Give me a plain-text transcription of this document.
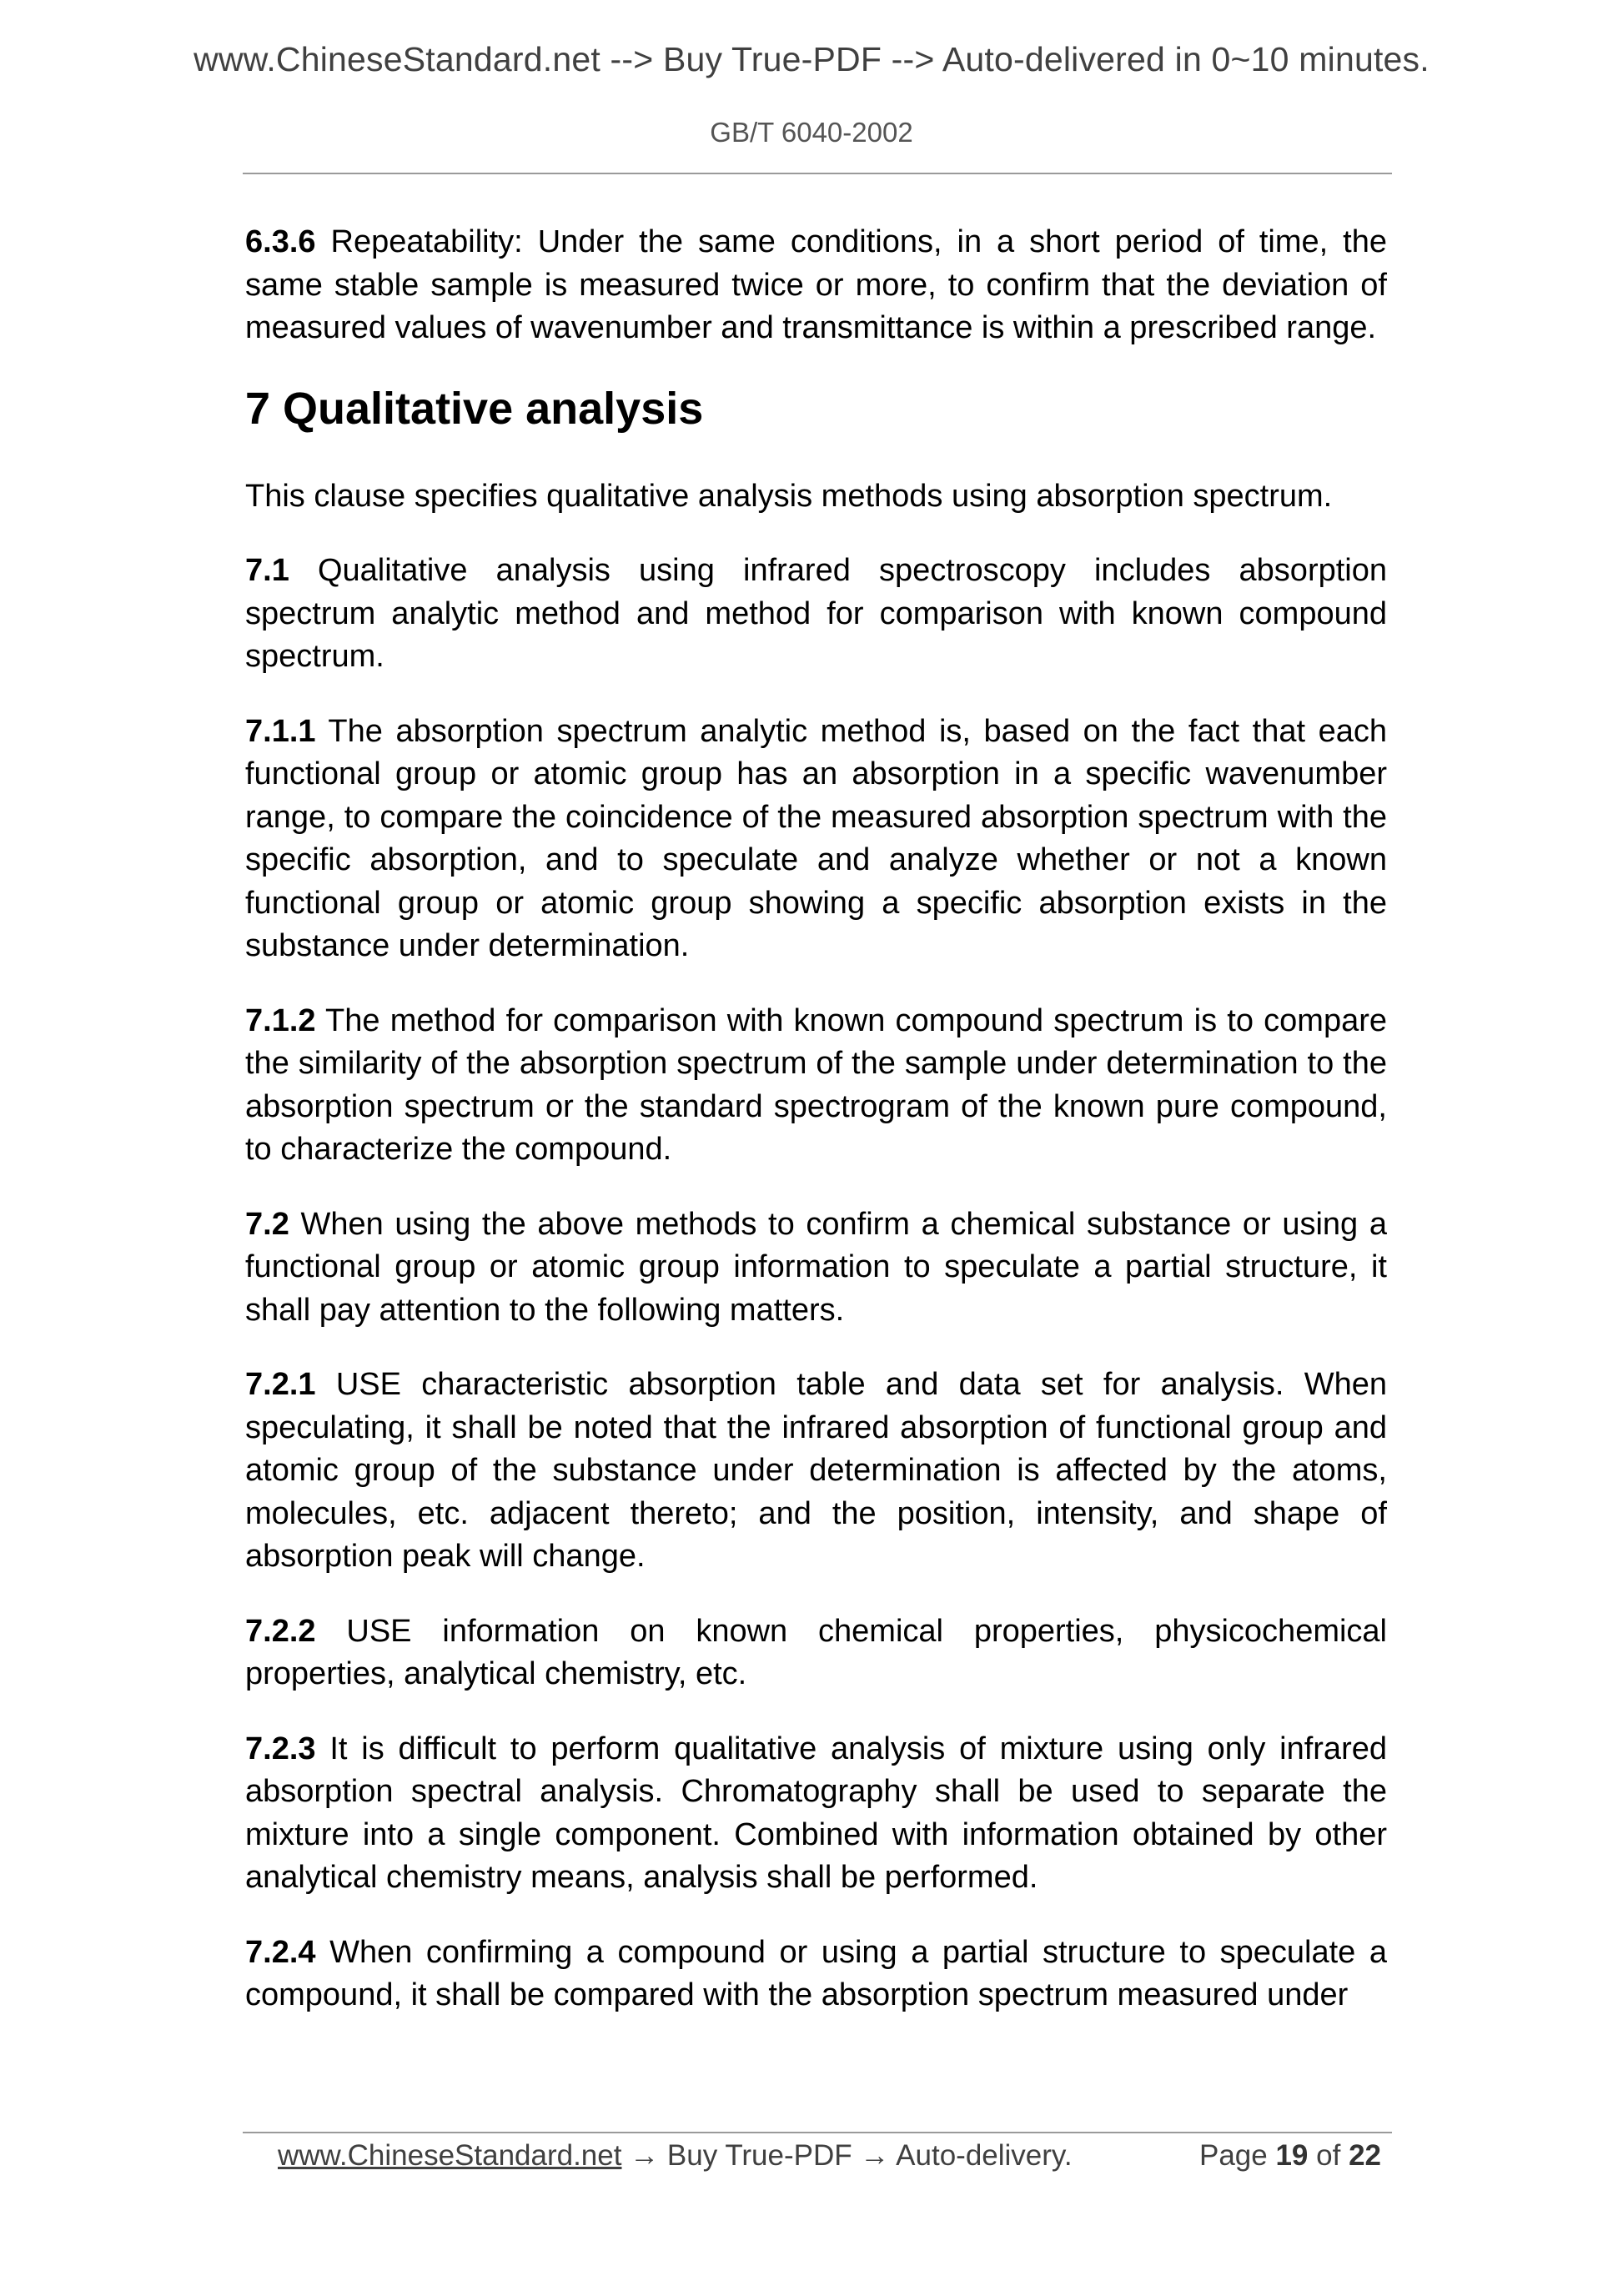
www.ChineseStandard.net --> Buy True-PDF --> Auto-delivered in 0~10 minutes.
GB/T 6040-2002

6.3.6 Repeatability: Under the same conditions, in a short period of time, the same stable sample is measured twice or more, to confirm that the deviation of measured values of wavenumber and transmittance is within a prescribed range.

7 Qualitative analysis

This clause specifies qualitative analysis methods using absorption spectrum.

7.1 Qualitative analysis using infrared spectroscopy includes absorption spectrum analytic method and method for comparison with known compound spectrum.

7.1.1 The absorption spectrum analytic method is, based on the fact that each functional group or atomic group has an absorption in a specific wavenumber range, to compare the coincidence of the measured absorption spectrum with the specific absorption, and to speculate and analyze whether or not a known functional group or atomic group showing a specific absorption exists in the substance under determination.

7.1.2 The method for comparison with known compound spectrum is to compare the similarity of the absorption spectrum of the sample under determination to the absorption spectrum or the standard spectrogram of the known pure compound, to characterize the compound.

7.2 When using the above methods to confirm a chemical substance or using a functional group or atomic group information to speculate a partial structure, it shall pay attention to the following matters.

7.2.1 USE characteristic absorption table and data set for analysis. When speculating, it shall be noted that the infrared absorption of functional group and atomic group of the substance under determination is affected by the atoms, molecules, etc. adjacent thereto; and the position, intensity, and shape of absorption peak will change.

7.2.2 USE information on known chemical properties, physicochemical properties, analytical chemistry, etc.

7.2.3 It is difficult to perform qualitative analysis of mixture using only infrared absorption spectral analysis. Chromatography shall be used to separate the mixture into a single component. Combined with information obtained by other analytical chemistry means, analysis shall be performed.

7.2.4 When confirming a compound or using a partial structure to speculate a compound, it shall be compared with the absorption spectrum measured under

www.ChineseStandard.net → Buy True-PDF → Auto-delivery.	Page 19 of 22
